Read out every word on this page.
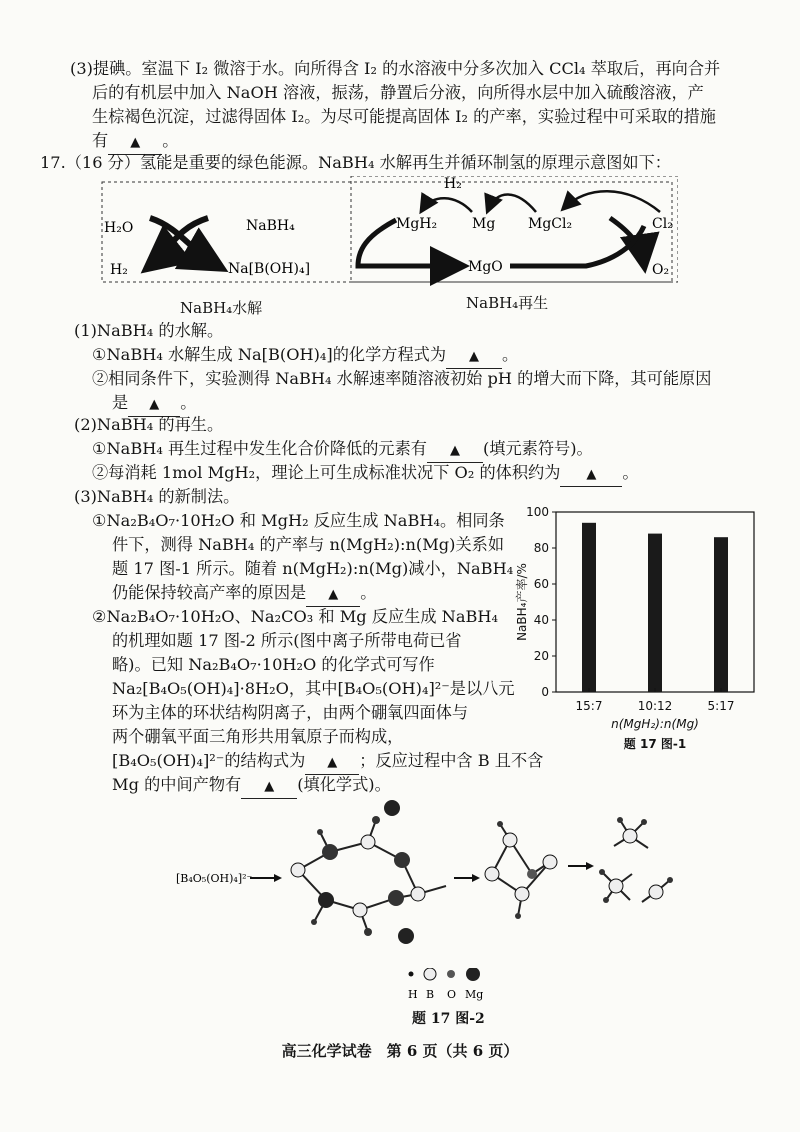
(3)提碘。室温下 I₂ 微溶于水。向所得含 I₂ 的水溶液中分多次加入 CCl₄ 萃取后，再向合并
后的有机层中加入 NaOH 溶液，振荡，静置后分液，向所得水层中加入硫酸溶液，产
生棕褐色沉淀，过滤得固体 I₂。为尽可能提高固体 I₂ 的产率，实验过程中可采取的措施
有 ▲ 。
17.（16 分）氢能是重要的绿色能源。NaBH₄ 水解再生并循环制氢的原理示意图如下：
H₂O
H₂
NaBH₄
Na[B(OH)₄]
H₂
MgH₂ Mg MgCl₂	Cl₂
MgO	O₂
NaBH₄水解	NaBH₄再生
(1)NaBH₄ 的水解。
①NaBH₄ 水解生成 Na[B(OH)₄]的化学方程式为 ▲ 。
②相同条件下，实验测得 NaBH₄ 水解速率随溶液初始 pH 的增大而下降，其可能原因
是 ▲ 。
(2)NaBH₄ 的再生。
①NaBH₄ 再生过程中发生化合价降低的元素有 ▲ (填元素符号)。
②每消耗 1mol MgH₂，理论上可生成标准状况下 O₂ 的体积约为 ▲ 。
(3)NaBH₄ 的新制法。
①Na₂B₄O₇·10H₂O 和 MgH₂ 反应生成 NaBH₄。相同条
件下，测得 NaBH₄ 的产率与 n(MgH₂):n(Mg)关系如
题 17 图-1 所示。随着 n(MgH₂):n(Mg)减小，NaBH₄
仍能保持较高产率的原因是 ▲ 。
②Na₂B₄O₇·10H₂O、Na₂CO₃ 和 Mg 反应生成 NaBH₄
的机理如题 17 图-2 所示(图中离子所带电荷已省
略)。已知 Na₂B₄O₇·10H₂O 的化学式可写作
Na₂[B₄O₅(OH)₄]·8H₂O，其中[B₄O₅(OH)₄]²⁻是以八元
环为主体的环状结构阴离子，由两个硼氧四面体与
两个硼氧平面三角形共用氧原子而构成，
[B₄O₅(OH)₄]²⁻的结构式为 ▲ ；反应过程中含 B 且不含
Mg 的中间产物有 ▲ (填化学式)。
0
20
40
60
80
100
15:7	10:12	5:17
n(MgH₂):n(Mg)
NaBH₄产率/%
题 17 图-1
[B₄O₅(OH)₄]²⁻
H B O Mg
题 17 图-2
高三化学试卷　第 6 页（共 6 页）
